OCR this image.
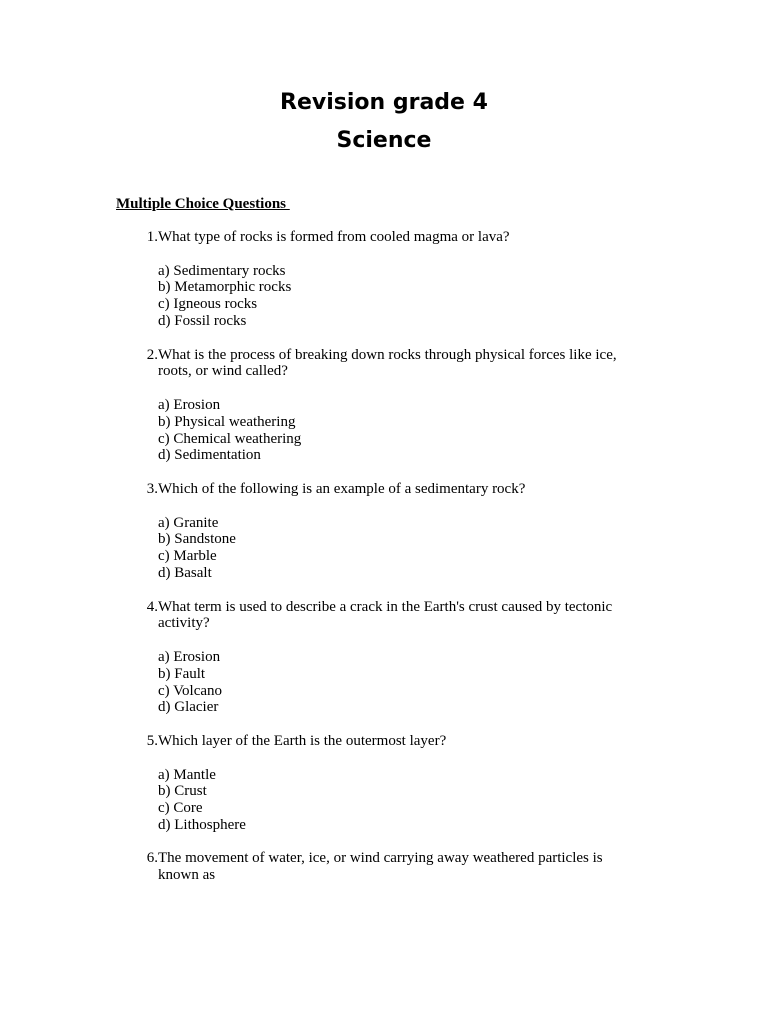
Revision grade 4
Science
Multiple Choice Questions
1. What type of rocks is formed from cooled magma or lava?
a) Sedimentary rocks
b) Metamorphic rocks
c) Igneous rocks
d) Fossil rocks
2. What is the process of breaking down rocks through physical forces like ice, roots, or wind called?
a) Erosion
b) Physical weathering
c) Chemical weathering
d) Sedimentation
3. Which of the following is an example of a sedimentary rock?
a) Granite
b) Sandstone
c) Marble
d) Basalt
4. What term is used to describe a crack in the Earth's crust caused by tectonic activity?
a) Erosion
b) Fault
c) Volcano
d) Glacier
5. Which layer of the Earth is the outermost layer?
a) Mantle
b) Crust
c) Core
d) Lithosphere
6. The movement of water, ice, or wind carrying away weathered particles is known as
